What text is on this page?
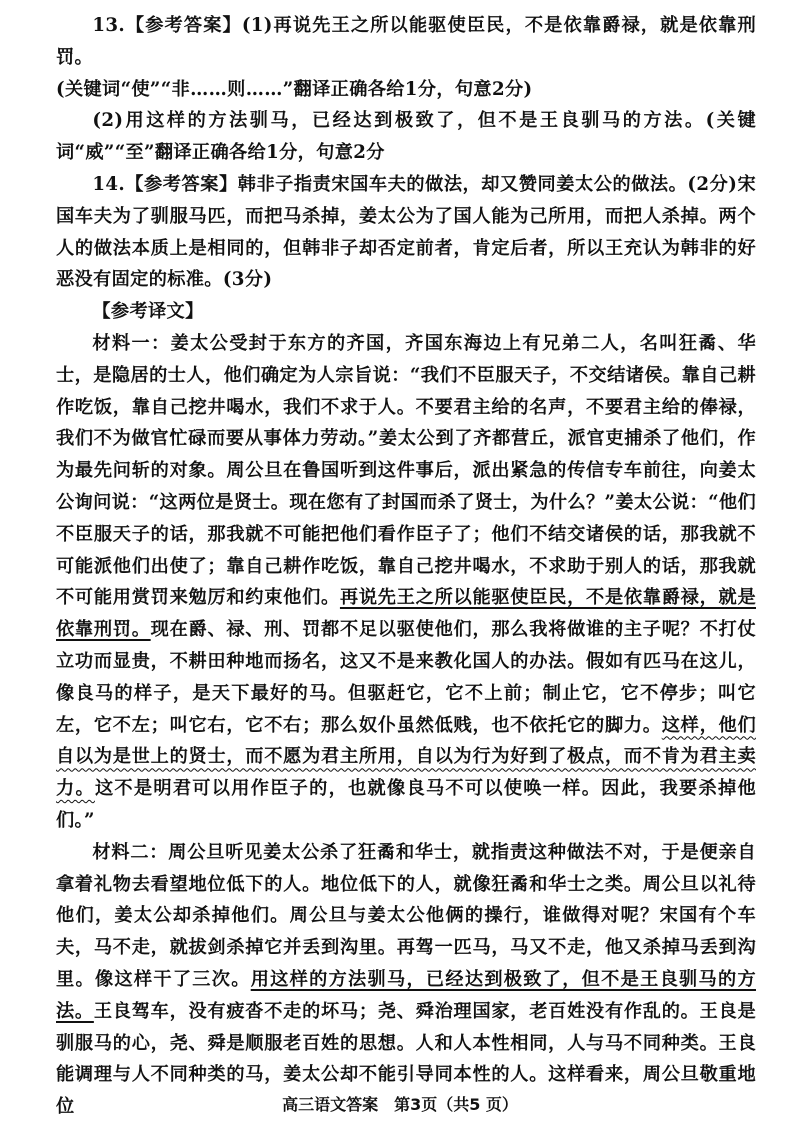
13.【参考答案】(1)再说先王之所以能驱使臣民，不是依靠爵禄，就是依靠刑罚。

(关键词“使”“非……则……”翻译正确各给1分，句意2分)

(2)用这样的方法驯马，已经达到极致了，但不是王良驯马的方法。(关键词“威”“至”翻译正确各给1分，句意2分

14.【参考答案】韩非子指责宋国车夫的做法，却又赞同姜太公的做法。(2分)宋国车夫为了驯服马匹，而把马杀掉，姜太公为了国人能为己所用，而把人杀掉。两个人的做法本质上是相同的，但韩非子却否定前者，肯定后者，所以王充认为韩非的好恶没有固定的标准。(3分)

【参考译文】

材料一：姜太公受封于东方的齐国，齐国东海边上有兄弟二人，名叫狂矞、华士，是隐居的士人，他们确定为人宗旨说：“我们不臣服天子，不交结诸侯。靠自己耕作吃饭，靠自己挖井喝水，我们不求于人。不要君主给的名声，不要君主给的俸禄，我们不为做官忙碌而要从事体力劳动。”姜太公到了齐都营丘，派官吏捕杀了他们，作为最先问斩的对象。周公旦在鲁国听到这件事后，派出紧急的传信专车前往，向姜太公询问说：“这两位是贤士。现在您有了封国而杀了贤士，为什么？”姜太公说：“他们不臣服天子的话，那我就不可能把他们看作臣子了；他们不结交诸侯的话，那我就不可能派他们出使了；靠自己耕作吃饭，靠自己挖井喝水，不求助于别人的话，那我就不可能用赏罚来勉厉和约束他们。再说先王之所以能驱使臣民，不是依靠爵禄，就是依靠刑罚。现在爵、禄、刑、罚都不足以驱使他们，那么我将做谁的主子呢？不打仗立功而显贵，不耕田种地而扬名，这又不是来教化国人的办法。假如有匹马在这儿，像良马的样子，是天下最好的马。但驱赶它，它不上前；制止它，它不停步；叫它左，它不左；叫它右，它不右；那么奴仆虽然低贱，也不依托它的脚力。这样，他们自以为是世上的贤士，而不愿为君主所用，自以为行为好到了极点，而不肯为君主卖力。这不是明君可以用作臣子的，也就像良马不可以使唤一样。因此，我要杀掉他们。”

材料二：周公旦听见姜太公杀了狂矞和华士，就指责这种做法不对，于是便亲自拿着礼物去看望地位低下的人。地位低下的人，就像狂矞和华士之类。周公旦以礼待他们，姜太公却杀掉他们。周公旦与姜太公他俩的操行，谁做得对呢？宋国有个车夫，马不走，就拔剑杀掉它并丢到沟里。再驾一匹马，马又不走，他又杀掉马丢到沟里。像这样干了三次。用这样的方法驯马，已经达到极致了，但不是王良驯马的方法。王良驾车，没有疲沓不走的坏马；尧、舜治理国家，老百姓没有作乱的。王良是驯服马的心，尧、舜是顺服老百姓的思想。人和人本性相同，人与马不同种类。王良能调理与人不同种类的马，姜太公却不能引导同本性的人。这样看来，周公旦敬重地位	高三语文答案　第3页（共5 页）
